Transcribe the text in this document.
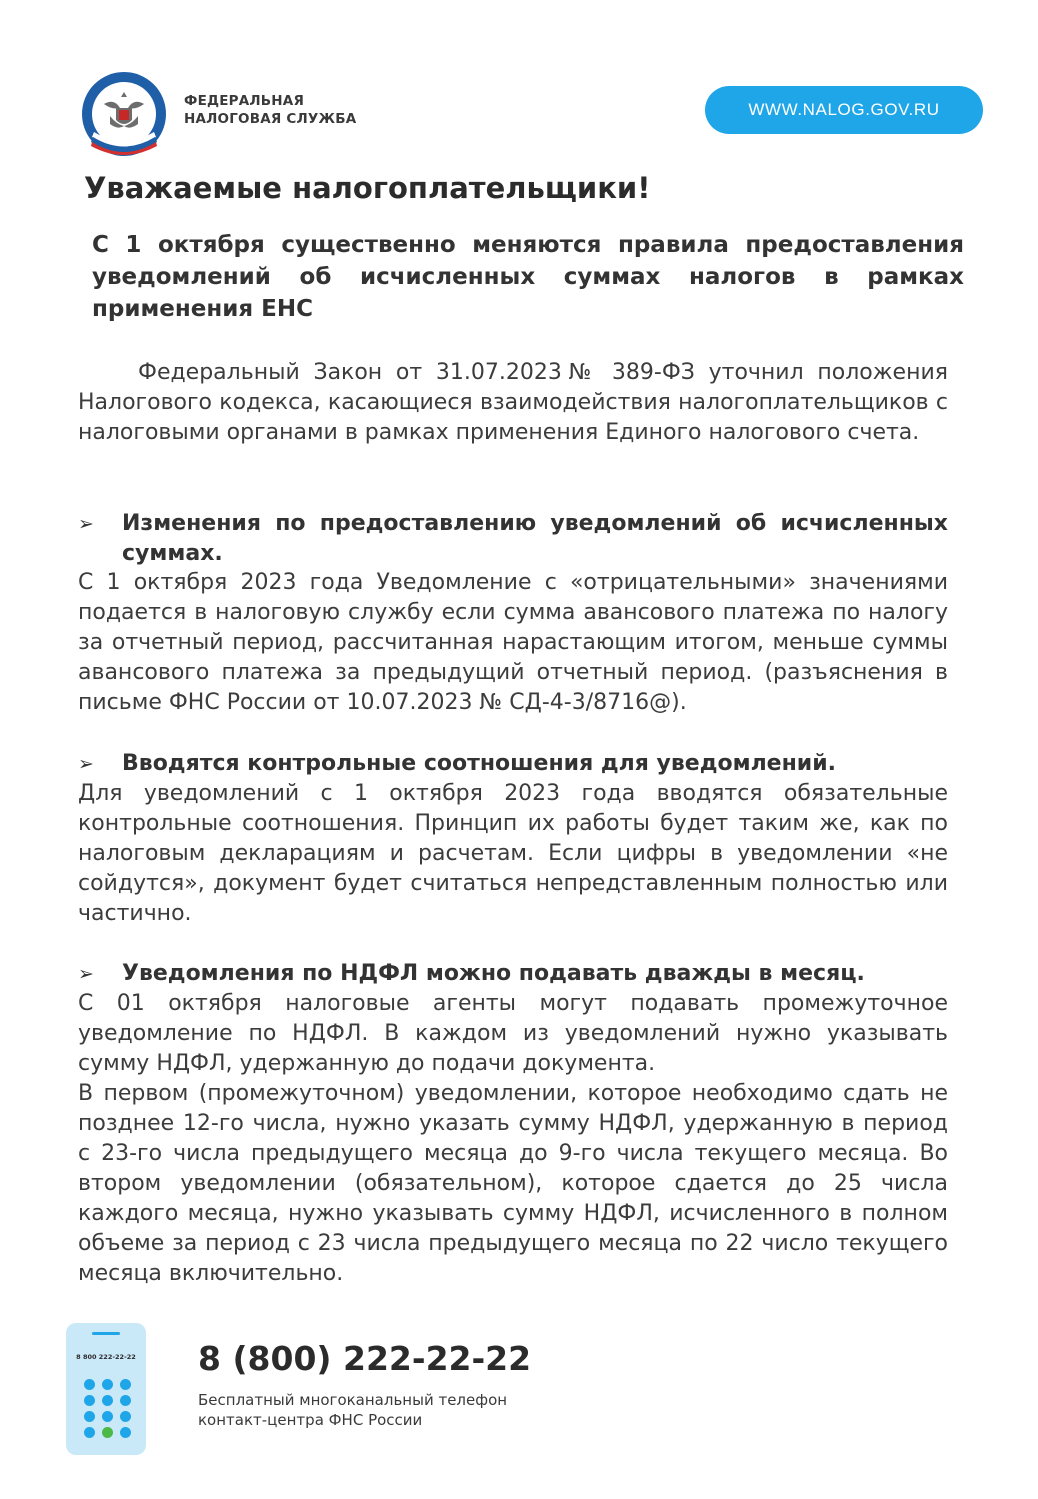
ФЕДЕРАЛЬНАЯ
НАЛОГОВАЯ СЛУЖБА	WWW.NALOG.GOV.RU
Уважаемые налогоплательщики!

С 1 октября существенно меняются правила предоставления уведомлений об исчисленных суммах налогов в рамках применения ЕНС

Федеральный Закон от 31.07.2023№ 389-ФЗ уточнил положения Налогового кодекса, касающиеся взаимодействия налогоплательщиков с налоговыми органами в рамках применения Единого налогового счета.

➢	Изменения по предоставлению уведомлений об исчисленных суммах.

С 1 октября 2023 года Уведомление с «отрицательными» значениями подается в налоговую службу если сумма авансового платежа по налогу за отчетный период, рассчитанная нарастающим итогом, меньше суммы авансового платежа за предыдущий отчетный период. (разъяснения в письме ФНС России от 10.07.2023 № СД-4-3/8716@).

➢	Вводятся контрольные соотношения для уведомлений.

Для уведомлений с 1 октября 2023 года вводятся обязательные контрольные соотношения. Принцип их работы будет таким же, как по налоговым декларациям и расчетам. Если цифры в уведомлении «не сойдутся», документ будет считаться непредставленным полностью или частично.

➢	Уведомления по НДФЛ можно подавать дважды в месяц.

С 01 октября налоговые агенты могут подавать промежуточное уведомление по НДФЛ. В каждом из уведомлений нужно указывать сумму НДФЛ, удержанную до подачи документа.

В первом (промежуточном) уведомлении, которое необходимо сдать не позднее 12-го числа, нужно указать сумму НДФЛ, удержанную в период с 23-го числа предыдущего месяца до 9-го числа текущего месяца. Во втором уведомлении (обязательном), которое сдается до 25 числа каждого месяца, нужно указывать сумму НДФЛ, исчисленного в полном объеме за период с 23 числа предыдущего месяца по 22 число текущего месяца включительно.

8 800 222-22-22	8 (800) 222-22-22
Бесплатный многоканальный телефон
контакт-центра ФНС России
